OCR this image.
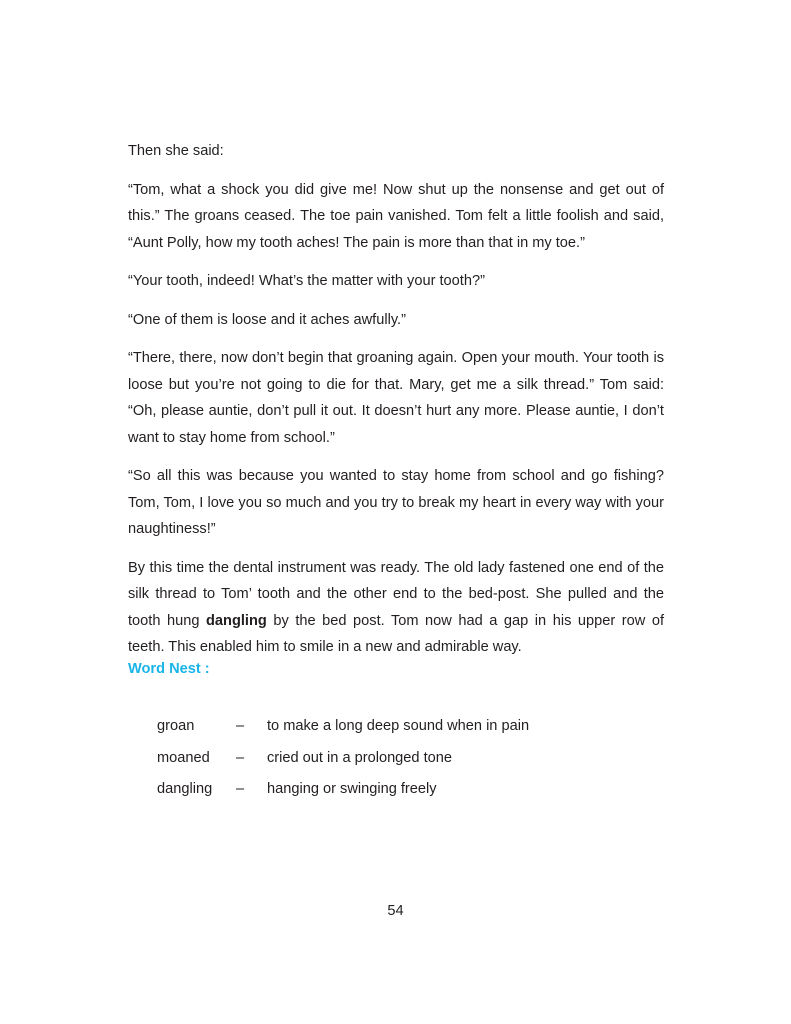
Then she said:

“Tom, what a shock you did give me! Now shut up the nonsense and get out of this.” The groans ceased. The toe pain vanished. Tom felt a little foolish and said, “Aunt Polly, how my tooth aches! The pain is more than that in my toe.”

“Your tooth, indeed! What’s the matter with your tooth?”

“One of them is loose and it aches awfully.”

“There, there, now don’t begin that groaning again. Open your mouth. Your tooth is loose but you’re not going to die for that. Mary, get me a silk thread.” Tom said: “Oh, please auntie, don’t pull it out. It doesn’t hurt any more. Please auntie, I don’t want to stay home from school.”

“So all this was because you wanted to stay home from school and go fishing? Tom, Tom, I love you so much and you try to break my heart in every way with your naughtiness!”

By this time the dental instrument was ready. The old lady fastened one end of the silk thread to Tom’ tooth and the other end to the bed-post. She pulled and the tooth hung dangling by the bed post. Tom now had a gap in his upper row of teeth. This enabled him to smile in a new and admirable way.

Word Nest :
groan	–	to make a long deep sound when in pain
moaned	–	cried out in a prolonged tone
dangling	–	hanging or swinging freely
54
